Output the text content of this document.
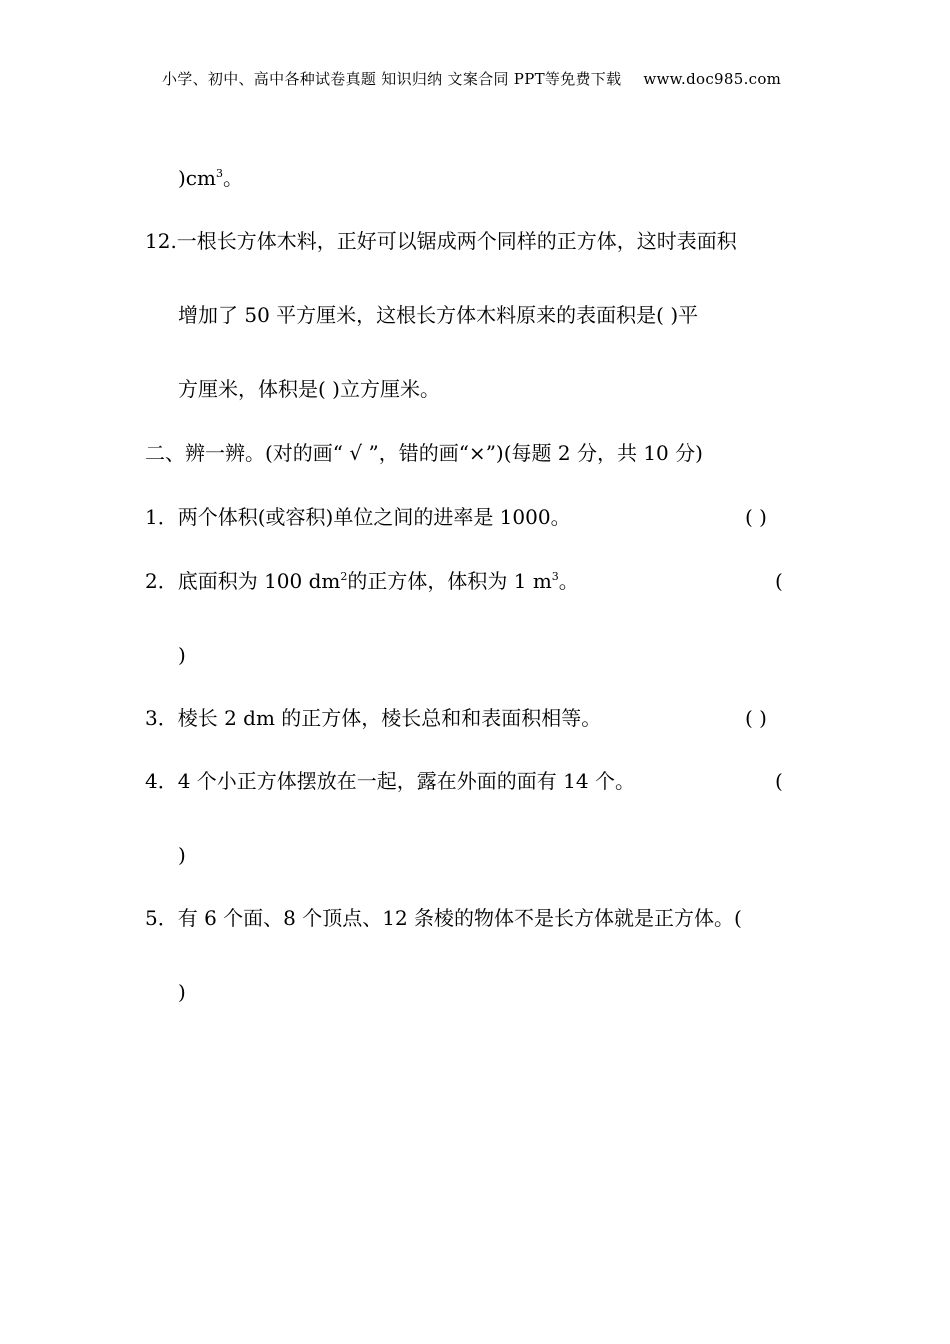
小学、初中、高中各种试卷真题 知识归纳 文案合同 PPT等免费下载 www.doc985.com
)$cm^3$。
12.一根长方体木料，正好可以锯成两个同样的正方体，这时表面积
增加了 50 平方厘米，这根长方体木料原来的表面积是( )平
方厘米，体积是( )立方厘米。
二、辨一辨。(对的画“ √ ”，错的画“×”)(每题 2 分，共 10 分)
1．两个体积(或容积)单位之间的进率是 1000。	( )
2．底面积为 100 $dm^2$的正方体，体积为 1 $m^3$。	(
)
3．棱长 2 dm 的正方体，棱长总和和表面积相等。	( )
4．4 个小正方体摆放在一起，露在外面的面有 14 个。	(
)
5．有 6 个面、8 个顶点、12 条棱的物体不是长方体就是正方体。(
)
